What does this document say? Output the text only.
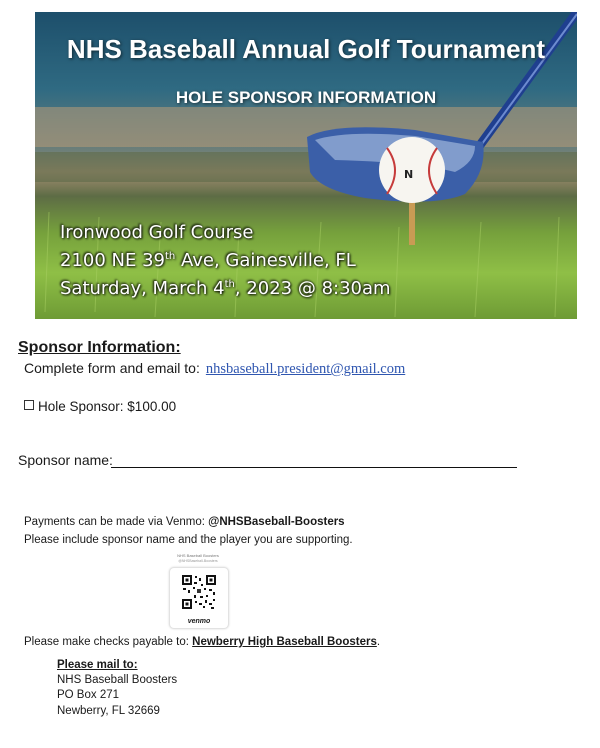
N
NHS Baseball Annual Golf Tournament
HOLE SPONSOR INFORMATION
Ironwood Golf Course
2100 NE 39th Ave, Gainesville, FL
Saturday, March 4th, 2023 @ 8:30am
Sponsor Information:
Complete form and email to: nhsbaseball.president@gmail.com
Hole Sponsor: $100.00
Sponsor name:
Payments can be made via Venmo: @NHSBaseball-Boosters
Please include sponsor name and the player you are supporting.
NHS Baseball Boosters
@NHSBaseball-Boosters
venmo
Please make checks payable to: Newberry High Baseball Boosters.
Please mail to:
NHS Baseball Boosters
PO Box 271
Newberry, FL 32669
